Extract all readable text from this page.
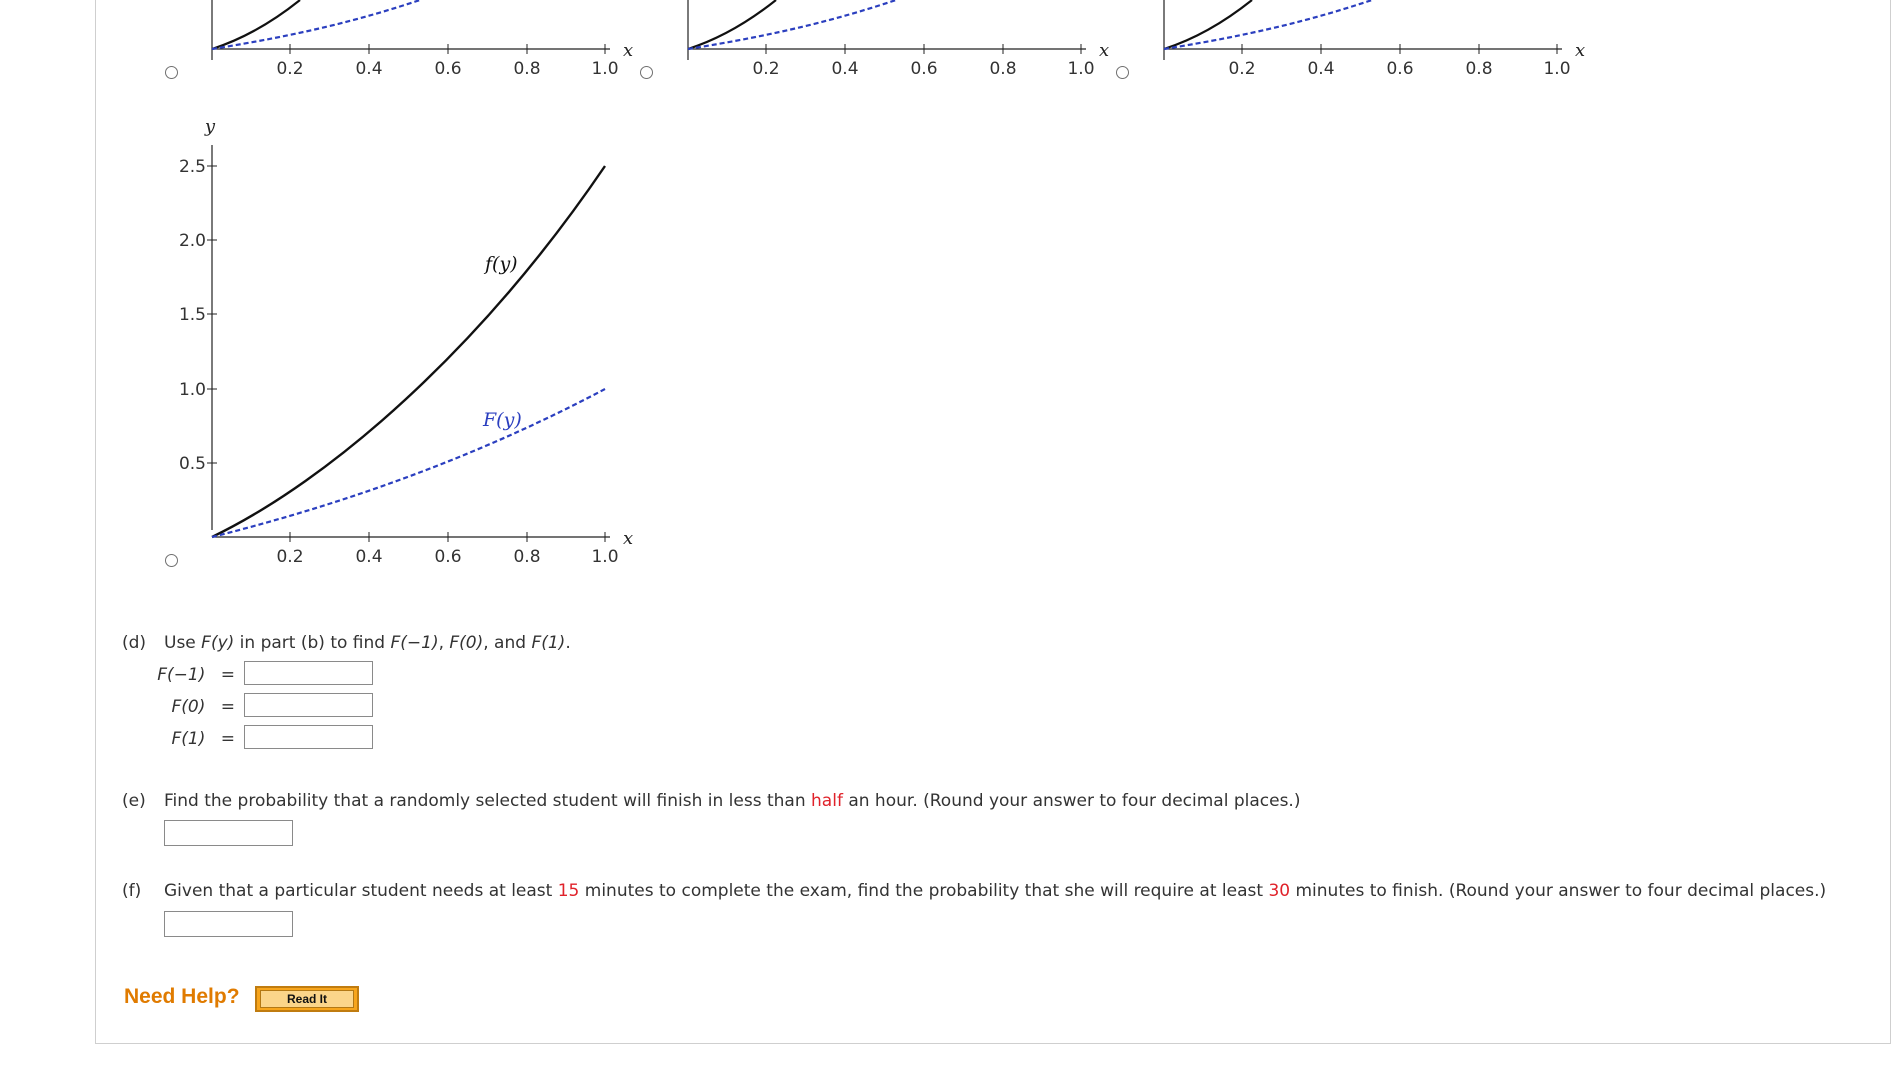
0.2	0.4	0.6	0.8	1.0
x
0.2	0.4	0.6	0.8	1.0
x
0.2	0.4	0.6	0.8	1.0
x
y
0.5
1.0
1.5
2.0
2.5
f(y)
F(y)
0.2	0.4	0.6	0.8	1.0
x
(d) Use F(y) in part (b) to find F(−1), F(0), and F(1).
F(−1) =
F(0) =
F(1) =
(e) Find the probability that a randomly selected student will finish in less than half an hour. (Round your answer to four decimal places.)
(f) Given that a particular student needs at least 15 minutes to complete the exam, find the probability that she will require at least 30 minutes to finish. (Round your answer to four decimal places.)
Need Help?	Read It
